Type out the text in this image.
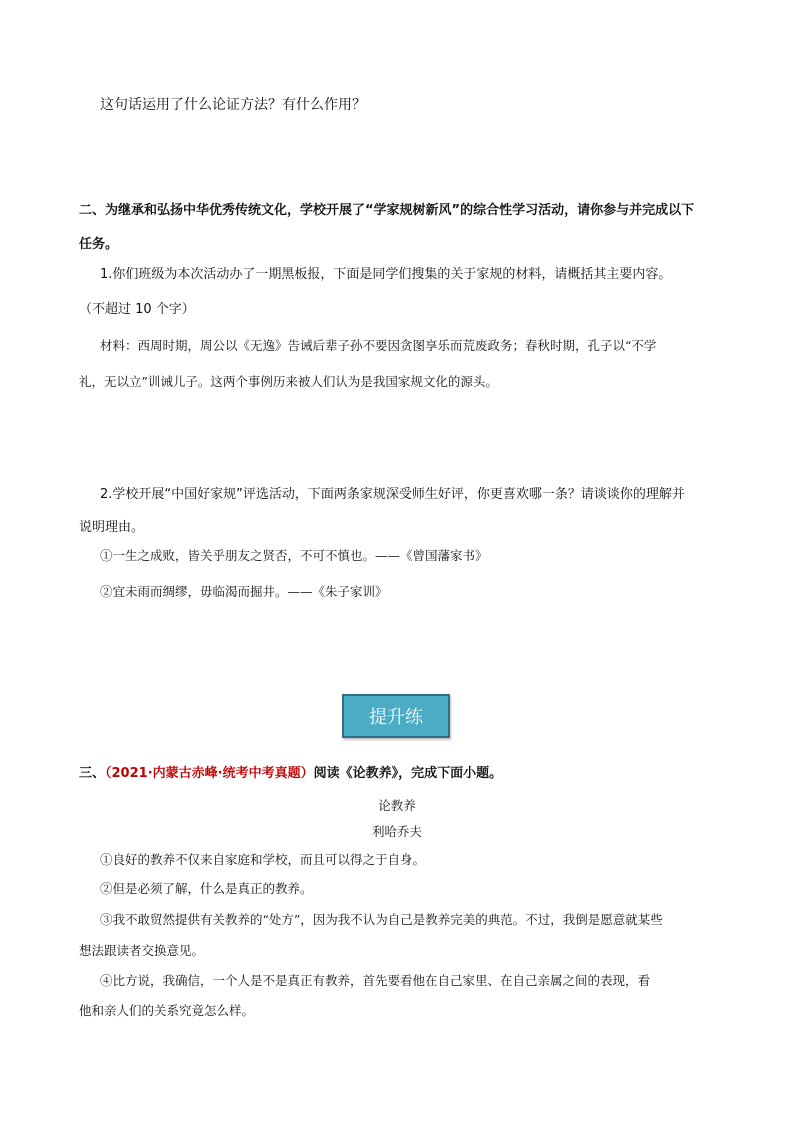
这句话运用了什么论证方法？有什么作用？
二、为继承和弘扬中华优秀传统文化，学校开展了“学家规树新风”的综合性学习活动，请你参与并完成以下
任务。
1.你们班级为本次活动办了一期黑板报，下面是同学们搜集的关于家规的材料，请概括其主要内容。
（不超过 10 个字）
材料：西周时期，周公以《无逸》告诫后辈子孙不要因贪图享乐而荒废政务；春秋时期，孔子以“不学
礼，无以立”训诫儿子。这两个事例历来被人们认为是我国家规文化的源头。
2.学校开展“中国好家规”评选活动，下面两条家规深受师生好评，你更喜欢哪一条？请谈谈你的理解并
说明理由。
①一生之成败，皆关乎朋友之贤否，不可不慎也。——《曾国藩家书》
②宜未雨而绸缪，毋临渴而掘井。——《朱子家训》
提升练
三、（2021·内蒙古赤峰·统考中考真题）阅读《论教养》，完成下面小题。
论教养
利哈乔夫
①良好的教养不仅来自家庭和学校，而且可以得之于自身。
②但是必须了解，什么是真正的教养。
③我不敢贸然提供有关教养的“处方”，因为我不认为自己是教养完美的典范。不过，我倒是愿意就某些
想法跟读者交换意见。
④比方说，我确信，一个人是不是真正有教养，首先要看他在自己家里、在自己亲属之间的表现，看
他和亲人们的关系究竟怎么样。
